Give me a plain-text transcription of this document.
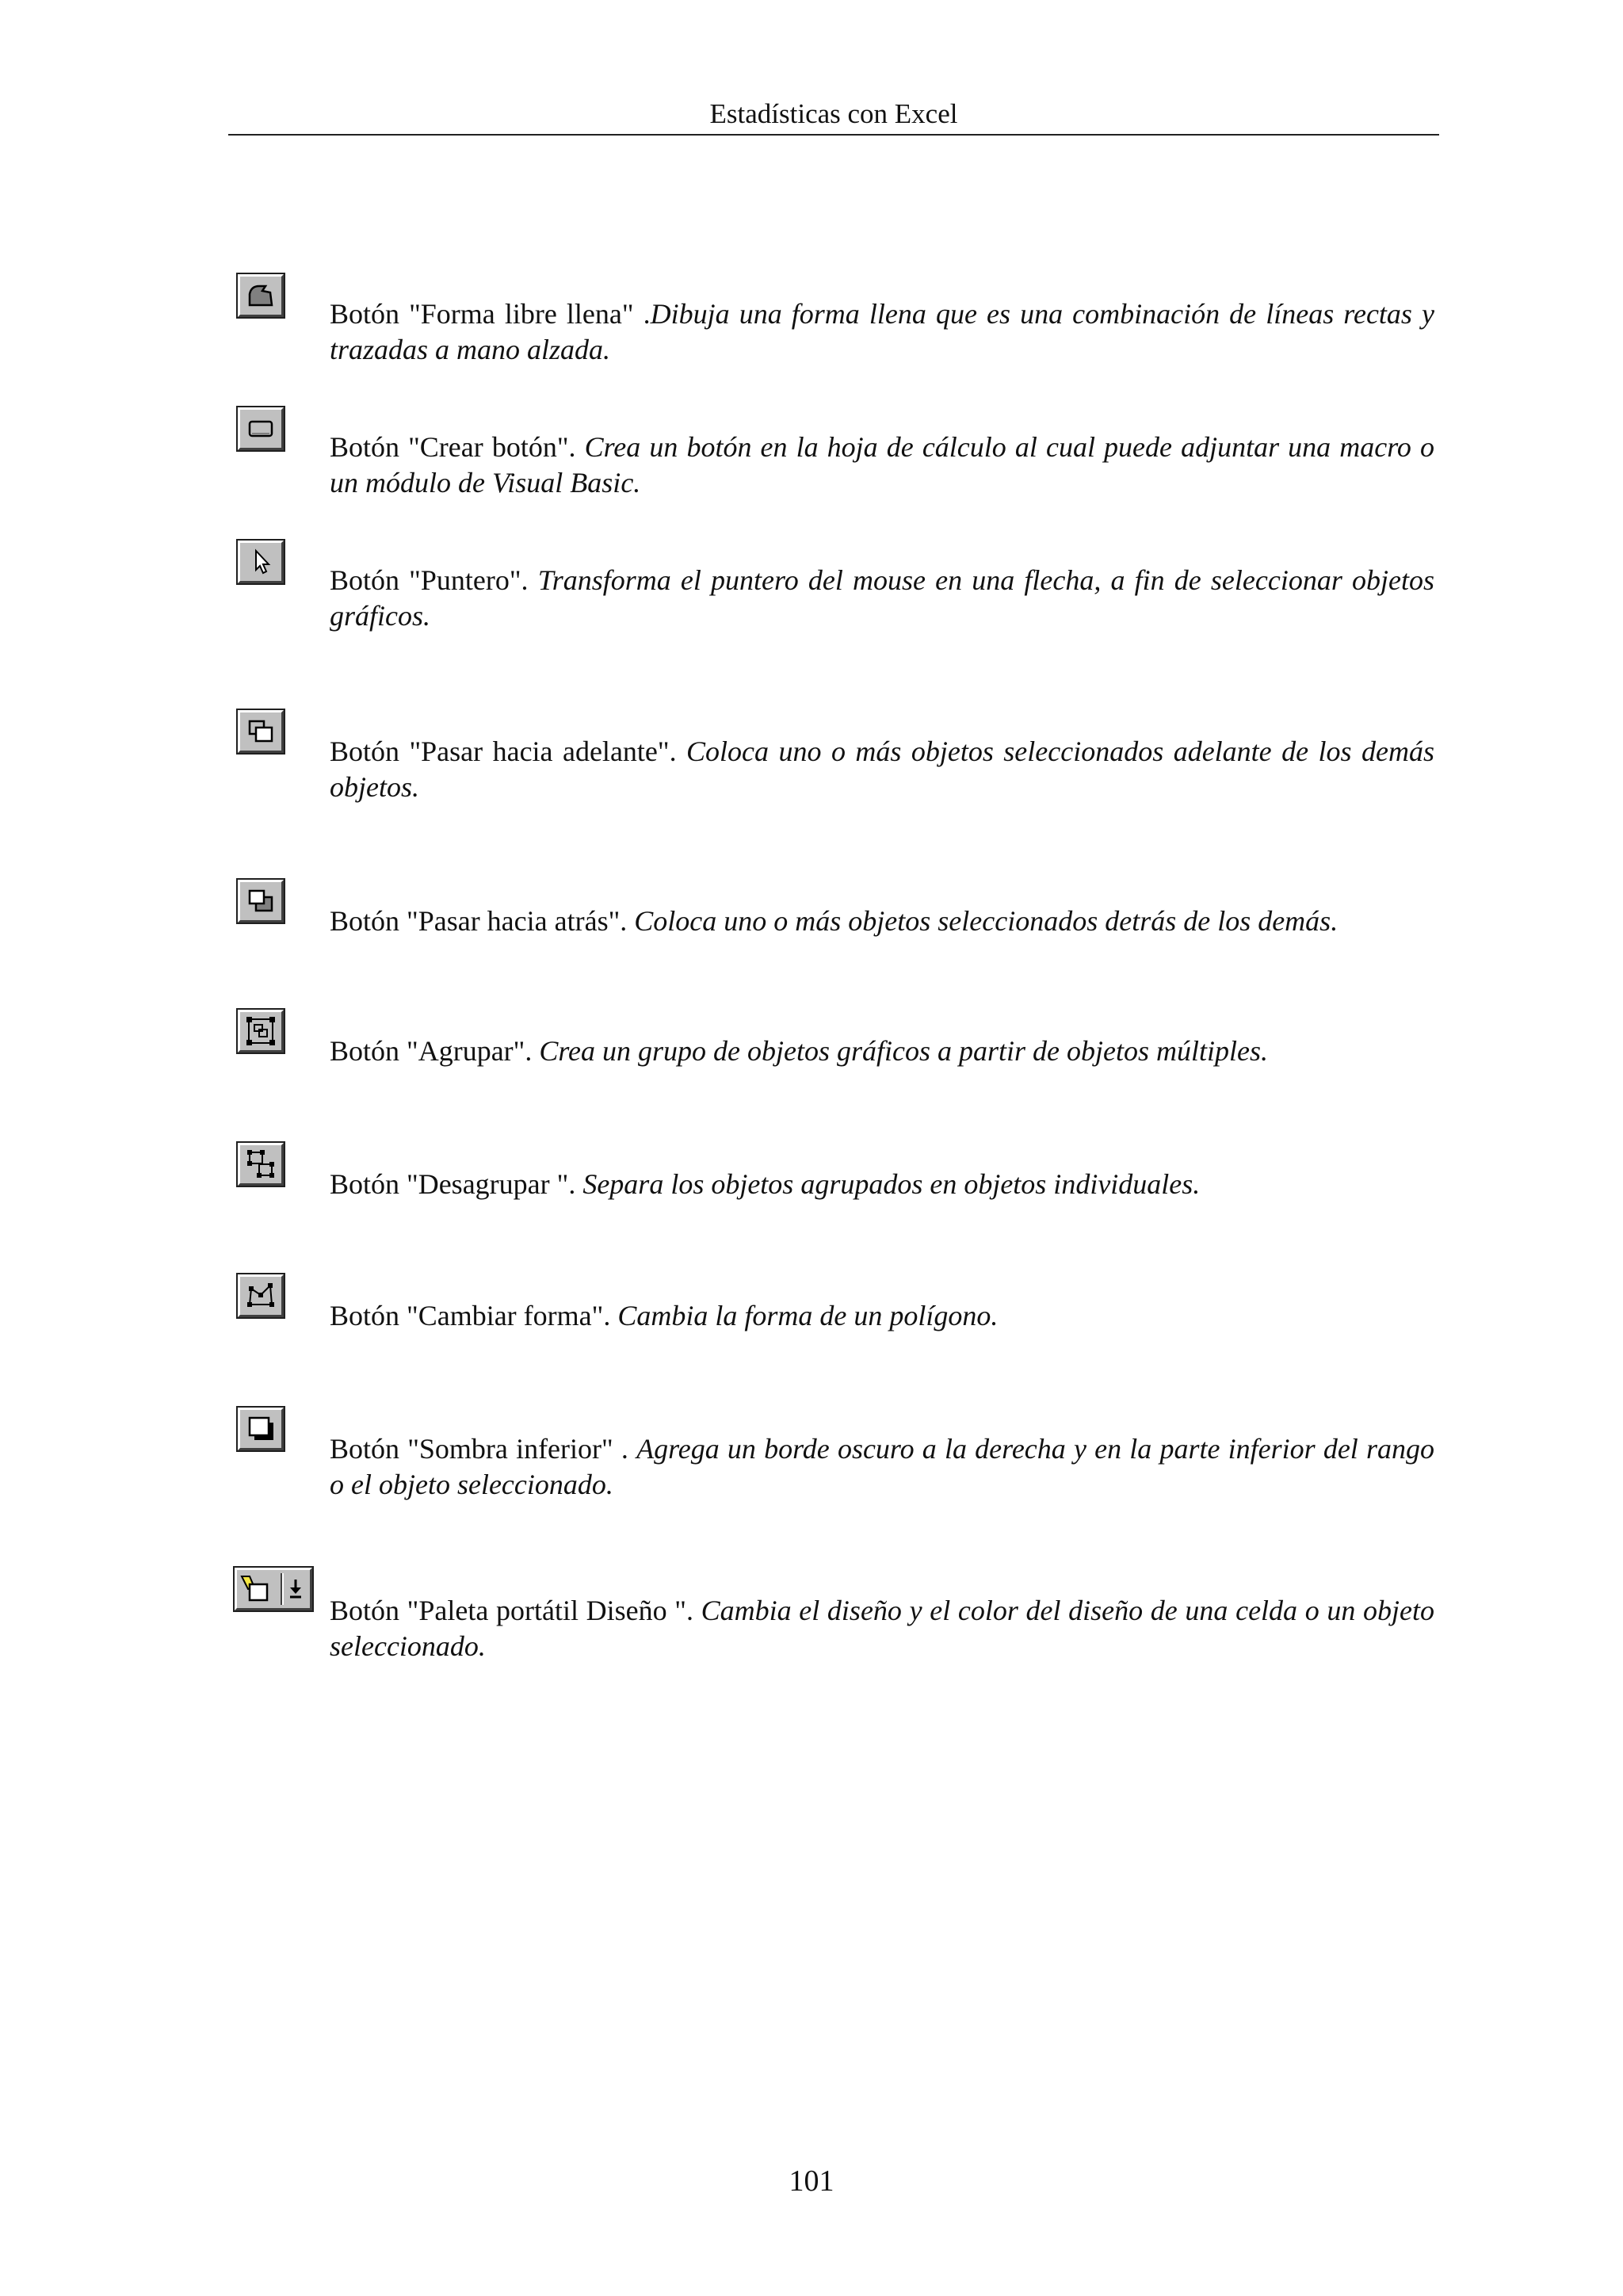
Estadísticas con Excel

Botón "Forma libre llena" .Dibuja una forma llena que es una combinación de líneas rectas y trazadas a mano alzada.

Botón "Crear botón". Crea un botón en la hoja de cálculo al cual puede adjuntar una macro o un módulo de Visual Basic.

Botón "Puntero". Transforma el puntero del mouse en una flecha, a fin de seleccionar objetos gráficos.

Botón "Pasar hacia adelante". Coloca uno o más objetos seleccionados adelante de los demás objetos.

Botón "Pasar hacia atrás". Coloca uno o más objetos seleccionados detrás de los demás.

Botón "Agrupar". Crea un grupo de objetos gráficos a partir de objetos múltiples.

Botón "Desagrupar ". Separa los objetos agrupados en objetos individuales.

Botón "Cambiar forma". Cambia la forma de un polígono.

Botón "Sombra inferior" . Agrega un borde oscuro a la derecha y en la parte inferior del rango o el objeto seleccionado.

Botón "Paleta portátil Diseño ". Cambia el diseño y el color del diseño de una celda o un objeto seleccionado.

101
